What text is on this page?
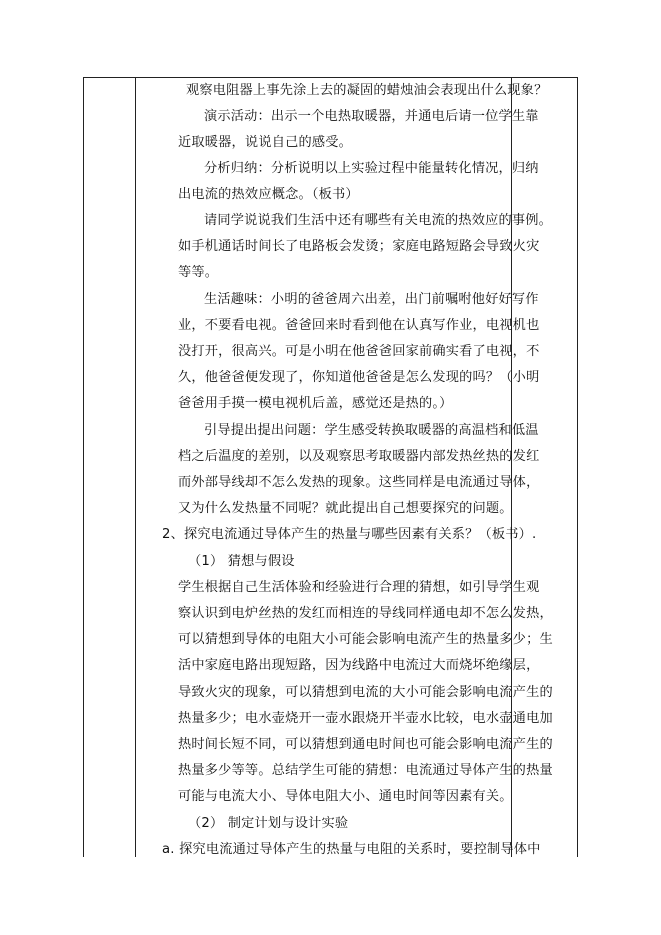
观察电阻器上事先涂上去的凝固的蜡烛油会表现出什么现象？
演示活动：出示一个电热取暖器，并通电后请一位学生靠
近取暖器，说说自己的感受。
分析归纳：分析说明以上实验过程中能量转化情况，归纳
出电流的热效应概念。（板书）
请同学说说我们生活中还有哪些有关电流的热效应的事例。
如手机通话时间长了电路板会发烫；家庭电路短路会导致火灾
等等。
生活趣味：小明的爸爸周六出差，出门前嘱咐他好好写作
业，不要看电视。爸爸回来时看到他在认真写作业，电视机也
没打开，很高兴。可是小明在他爸爸回家前确实看了电视，不
久，他爸爸便发现了，你知道他爸爸是怎么发现的吗？（小明
爸爸用手摸一模电视机后盖，感觉还是热的。）
引导提出提出问题：学生感受转换取暖器的高温档和低温
档之后温度的差别，以及观察思考取暖器内部发热丝热的发红
而外部导线却不怎么发热的现象。这些同样是电流通过导体，
又为什么发热量不同呢？就此提出自己想要探究的问题。
2、探究电流通过导体产生的热量与哪些因素有关系？（板书）.
（1） 猜想与假设
学生根据自己生活体验和经验进行合理的猜想，如引导学生观
察认识到电炉丝热的发红而相连的导线同样通电却不怎么发热，
可以猜想到导体的电阻大小可能会影响电流产生的热量多少；生
活中家庭电路出现短路，因为线路中电流过大而烧坏绝缘层，
导致火灾的现象，可以猜想到电流的大小可能会影响电流产生的
热量多少；电水壶烧开一壶水跟烧开半壶水比较，电水壶通电加
热时间长短不同，可以猜想到通电时间也可能会影响电流产生的
热量多少等等。总结学生可能的猜想：电流通过导体产生的热量
可能与电流大小、导体电阻大小、通电时间等因素有关。
（2） 制定计划与设计实验
a. 探究电流通过导体产生的热量与电阻的关系时，要控制导体中
